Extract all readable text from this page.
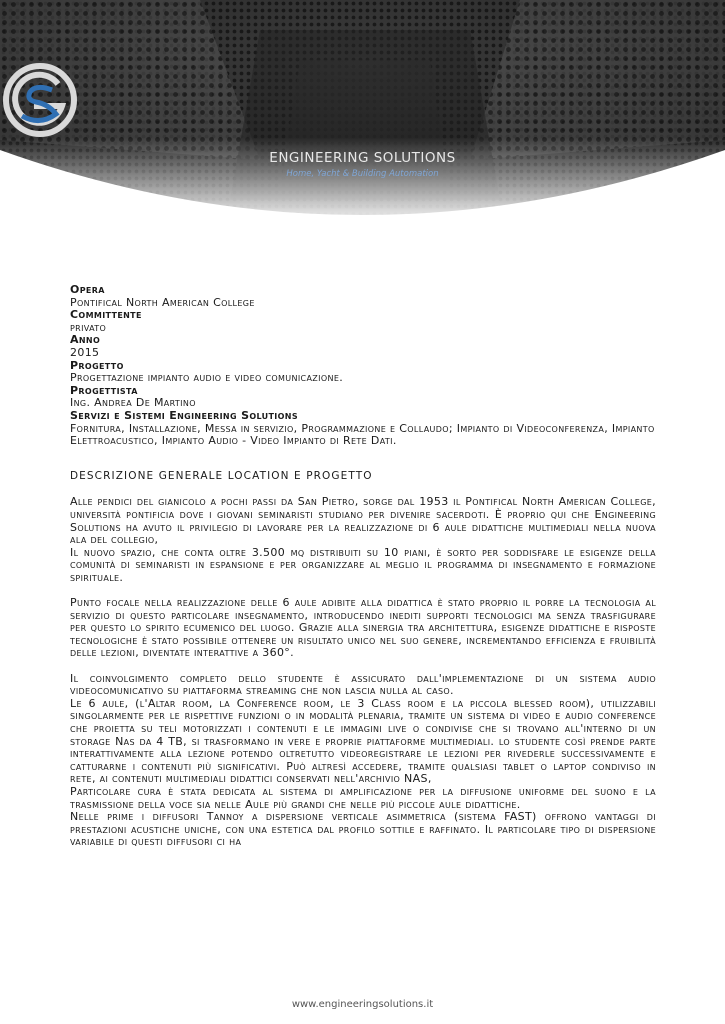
ENGINEERING SOLUTIONS
Home, Yacht & Building Automation
Opera
Pontifical North American College
Committente
privato
Anno
2015
Progetto
Progettazione impianto audio e video comunicazione.
Progettista
Ing. Andrea De Martino
Servizi e Sistemi Engineering Solutions
Fornitura, Installazione, Messa in servizio, Programmazione e Collaudo; Impianto di Videoconferenza, Impianto Elettroacustico, Impianto Audio - Video Impianto di Rete Dati.
DESCRIZIONE GENERALE LOCATION E PROGETTO

Alle pendici del gianicolo a pochi passi da San Pietro, sorge dal 1953 il Pontifical North American College, università pontificia dove i giovani seminaristi studiano per divenire sacerdoti. È proprio qui che Engineering Solutions ha avuto il privilegio di lavorare per la realizzazione di 6 aule didattiche multimediali nella nuova ala del collegio,

Il nuovo spazio, che conta oltre 3.500 mq distribuiti su 10 piani, è sorto per soddisfare le esigenze della comunità di seminaristi in espansione e per organizzare al meglio il programma di insegnamento e formazione spirituale.

Punto focale nella realizzazione delle 6 aule adibite alla didattica è stato proprio il porre la tecnologia al servizio di questo particolare insegnamento, introducendo inediti supporti tecnologici ma senza trasfigurare per questo lo spirito ecumenico del luogo. Grazie alla sinergia tra architettura, esigenze didattiche e risposte tecnologiche è stato possibile ottenere un risultato unico nel suo genere, incrementando efficienza e fruibilità delle lezioni, diventate interattive a 360°.

Il coinvolgimento completo dello studente è assicurato dall'implementazione di un sistema audio videocomunicativo su piattaforma streaming che non lascia nulla al caso.

Le 6 aule, (l'Altar room, la Conference room, le 3 Class room e la piccola blessed room), utilizzabili singolarmente per le rispettive funzioni o in modalità plenaria, tramite un sistema di video e audio conference che proietta su teli motorizzati i contenuti e le immagini live o condivise che si trovano all'interno di un storage Nas da 4 TB, si trasformano in vere e proprie piattaforme multimediali. lo studente così prende parte interattivamente alla lezione potendo oltretutto videoregistrare le lezioni per rivederle successivamente e catturarne i contenuti più significativi. Può altresì accedere, tramite qualsiasi tablet o laptop condiviso in rete, ai contenuti multimediali didattici conservati nell'archivio NAS,

Particolare cura è stata dedicata al sistema di amplificazione per la diffusione uniforme del suono e la trasmissione della voce sia nelle Aule più grandi che nelle più piccole aule didattiche.

Nelle prime i diffusori Tannoy a dispersione verticale asimmetrica (sistema FAST) offrono vantaggi di prestazioni acustiche uniche, con una estetica dal profilo sottile e raffinato. Il particolare tipo di dispersione variabile di questi diffusori ci ha

www.engineeringsolutions.it
